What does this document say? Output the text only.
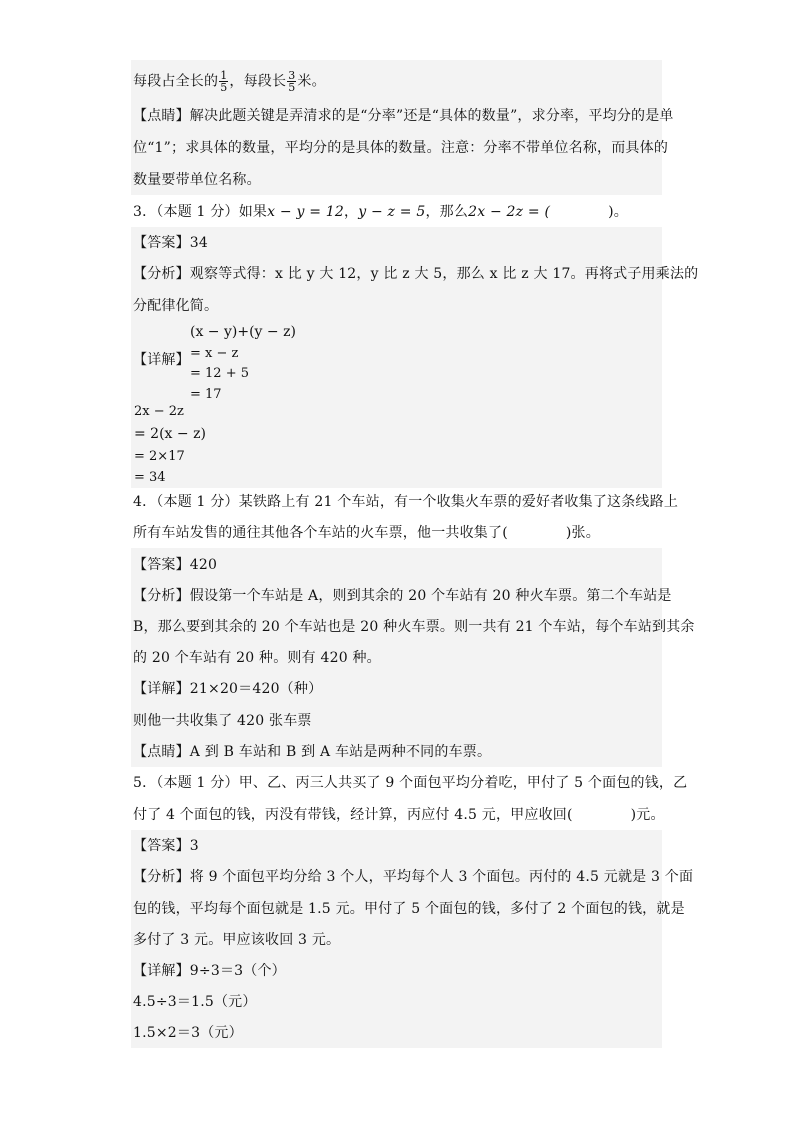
每段占全长的 $\frac{1}{5}$ ，每段长 $\frac{3}{5}$ 米。
【点睛】解决此题关键是弄清求的是“分率”还是“具体的数量”，求分率，平均分的是单
位“1”；求具体的数量，平均分的是具体的数量。注意：分率不带单位名称，而具体的
数量要带单位名称。
3．（本题 1 分）如果x − y = 12，y − z = 5，那么2x − 2z = (	)。
【答案】34
【分析】观察等式得：x 比 y 大 12，y 比 z 大 5，那么 x 比 z 大 17。再将式子用乘法的
分配律化简。
【详解】
(x − y)+(y − z)
= x − z
= 12 + 5
= 17
2x − 2z
= 2(x − z)
= 2×17
= 34
4．（本题 1 分）某铁路上有 21 个车站，有一个收集火车票的爱好者收集了这条线路上
所有车站发售的通往其他各个车站的火车票，他一共收集了(	)张。
【答案】420
【分析】假设第一个车站是 A，则到其余的 20 个车站有 20 种火车票。第二个车站是
B，那么要到其余的 20 个车站也是 20 种火车票。则一共有 21 个车站，每个车站到其余
的 20 个车站有 20 种。则有 420 种。
【详解】21×20＝420（种）
则他一共收集了 420 张车票
【点睛】A 到 B 车站和 B 到 A 车站是两种不同的车票。
5．（本题 1 分）甲、乙、丙三人共买了 9 个面包平均分着吃，甲付了 5 个面包的钱，乙
付了 4 个面包的钱，丙没有带钱，经计算，丙应付 4.5 元，甲应收回(	)元。
【答案】3
【分析】将 9 个面包平均分给 3 个人，平均每个人 3 个面包。丙付的 4.5 元就是 3 个面
包的钱，平均每个面包就是 1.5 元。甲付了 5 个面包的钱，多付了 2 个面包的钱，就是
多付了 3 元。甲应该收回 3 元。
【详解】9÷3＝3（个）
4.5÷3＝1.5（元）
1.5×2＝3（元）
